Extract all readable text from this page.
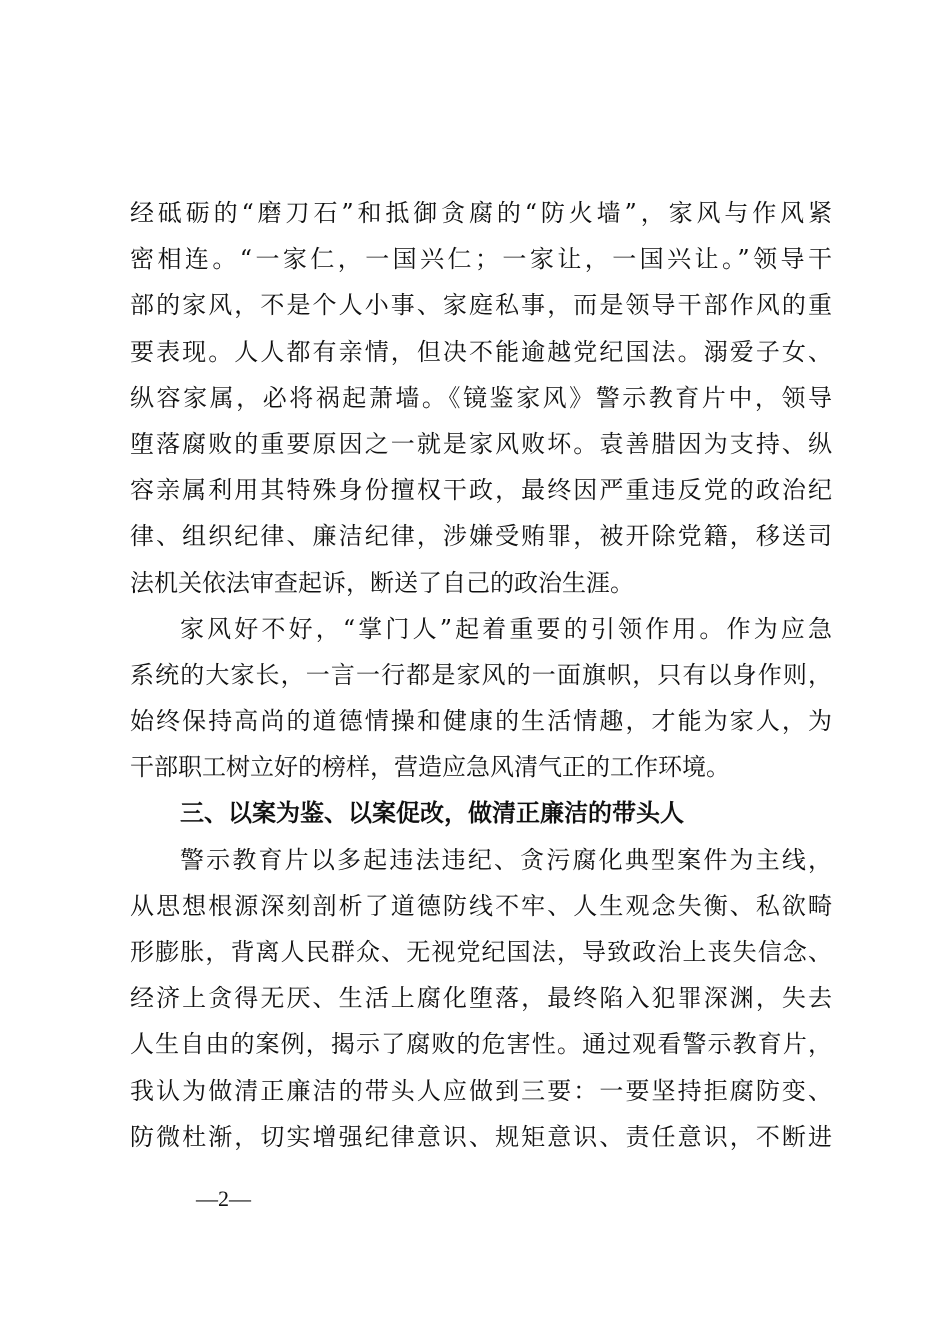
经砥砺的“磨刀石”和抵御贪腐的“防火墙”，家风与作风紧
密相连。“一家仁，一国兴仁；一家让，一国兴让。”领导干
部的家风，不是个人小事、家庭私事，而是领导干部作风的重
要表现。人人都有亲情，但决不能逾越党纪国法。溺爱子女、
纵容家属，必将祸起萧墙。《镜鉴家风》警示教育片中，领导
堕落腐败的重要原因之一就是家风败坏。袁善腊因为支持、纵
容亲属利用其特殊身份擅权干政，最终因严重违反党的政治纪
律、组织纪律、廉洁纪律，涉嫌受贿罪，被开除党籍，移送司
法机关依法审查起诉，断送了自己的政治生涯。
家风好不好，“掌门人”起着重要的引领作用。作为应急
系统的大家长，一言一行都是家风的一面旗帜，只有以身作则，
始终保持高尚的道德情操和健康的生活情趣，才能为家人，为
干部职工树立好的榜样，营造应急风清气正的工作环境。
三、以案为鉴、以案促改，做清正廉洁的带头人
警示教育片以多起违法违纪、贪污腐化典型案件为主线，
从思想根源深刻剖析了道德防线不牢、人生观念失衡、私欲畸
形膨胀，背离人民群众、无视党纪国法，导致政治上丧失信念、
经济上贪得无厌、生活上腐化堕落，最终陷入犯罪深渊，失去
人生自由的案例，揭示了腐败的危害性。通过观看警示教育片，
我认为做清正廉洁的带头人应做到三要：一要坚持拒腐防变、
防微杜渐，切实增强纪律意识、规矩意识、责任意识，不断进
—2—
